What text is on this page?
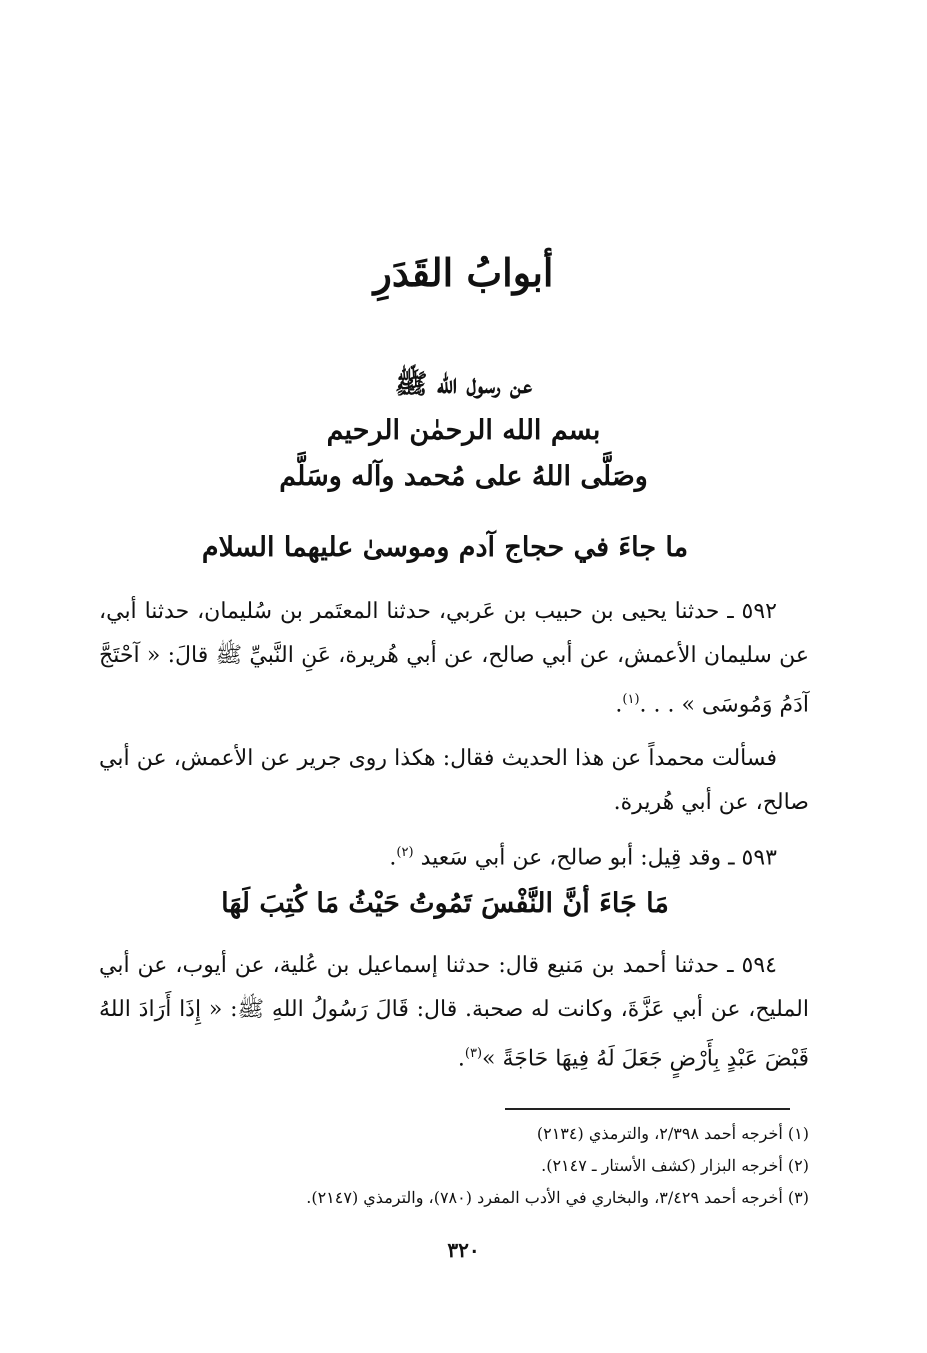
أبوابُ القَدَرِ
عن رسول الله ﷺ
بسم الله الرحمٰن الرحيم
وصَلَّى اللهُ على مُحمد وآله وسَلَّم
ما جاءَ في حجاج آدم وموسىٰ عليهما السلام

٥٩٢ ـ حدثنا يحيى بن حبيب بن عَربي، حدثنا المعتَمر بن سُليمان، حدثنا أبي، عن سليمان الأعمش، عن أبي صالح، عن أبي هُريرة، عَنِ النَّبيِّ ﷺ قالَ: « آحْتَجَّ آدَمُ وَمُوسَى » . . .$^{(١)}$.

فسألت محمداً عن هذا الحديث فقال: هكذا روى جرير عن الأعمش، عن أبي صالح، عن أبي هُريرة.

٥٩٣ ـ وقد قِيل: أبو صالح، عن أبي سَعيد $^{(٢)}$.

مَا جَاءَ أنَّ النَّفْسَ تَمُوتُ حَيْثُ مَا كُتِبَ لَهَا

٥٩٤ ـ حدثنا أحمد بن مَنيع قال: حدثنا إسماعيل بن عُلية، عن أيوب، عن أبي المليح، عن أبي عَزَّةَ، وكانت له صحبة. قال: قَالَ رَسُولُ اللهِ ﷺ: « إِذَا أَرَادَ اللهُ قَبْضَ عَبْدٍ بِأَرْضٍ جَعَلَ لَهُ فِيهَا حَاجَةً »$^{(٣)}$.

(١) أخرجه أحمد ٢/٣٩٨، والترمذي (٢١٣٤)

(٢) أخرجه البزار (كشف الأستار ـ ٢١٤٧).

(٣) أخرجه أحمد ٣/٤٢٩، والبخاري في الأدب المفرد (٧٨٠)، والترمذي (٢١٤٧).

٣٢٠
